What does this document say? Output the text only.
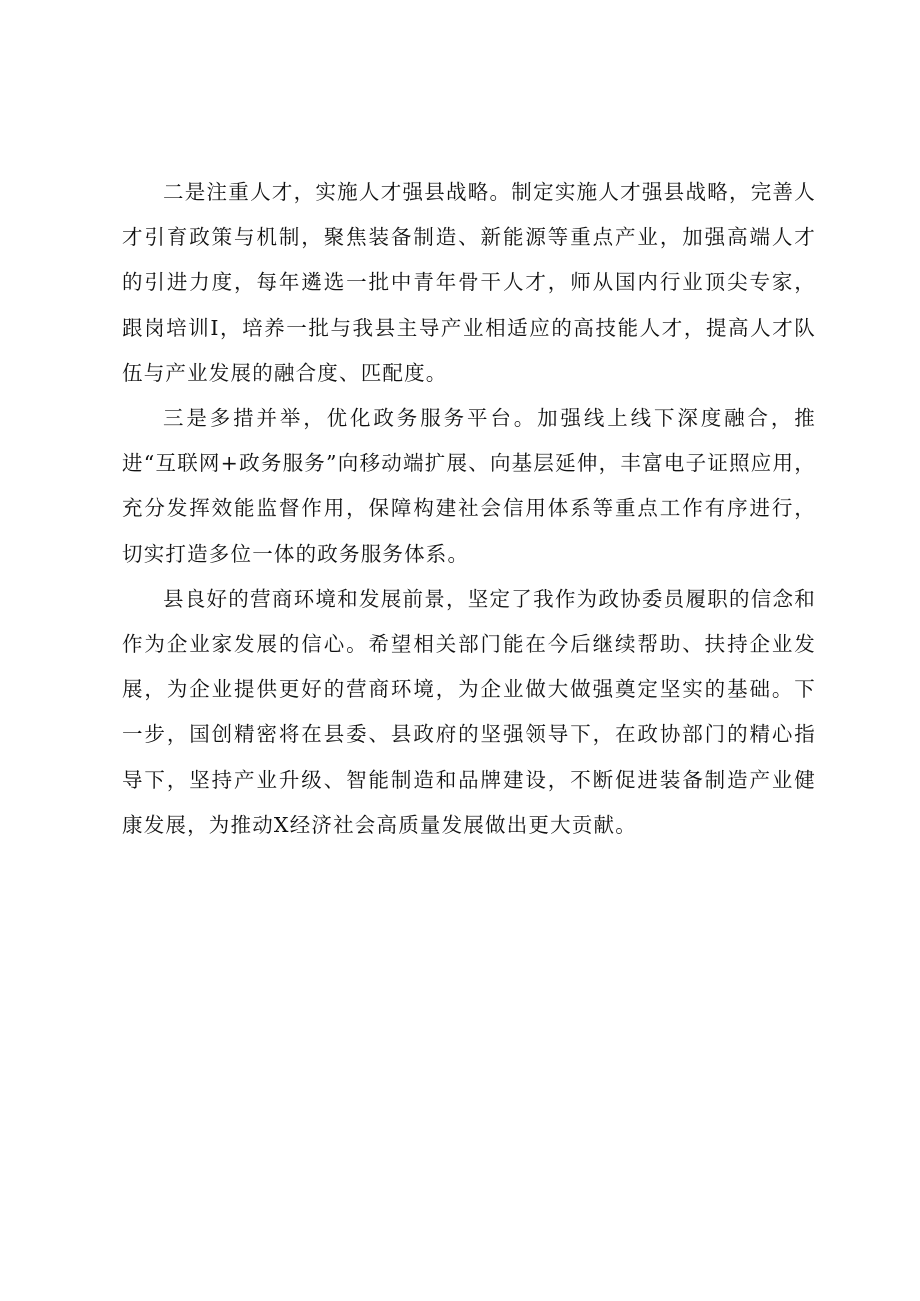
二是注重人才，实施人才强县战略。制定实施人才强县战略，完善人才引育政策与机制，聚焦装备制造、新能源等重点产业，加强高端人才的引进力度，每年遴选一批中青年骨干人才，师从国内行业顶尖专家，跟岗培训I，培养一批与我县主导产业相适应的高技能人才，提高人才队伍与产业发展的融合度、匹配度。

三是多措并举，优化政务服务平台。加强线上线下深度融合，推进“互联网+政务服务”向移动端扩展、向基层延伸，丰富电子证照应用，充分发挥效能监督作用，保障构建社会信用体系等重点工作有序进行，切实打造多位一体的政务服务体系。

县良好的营商环境和发展前景，坚定了我作为政协委员履职的信念和作为企业家发展的信心。希望相关部门能在今后继续帮助、扶持企业发展，为企业提供更好的营商环境，为企业做大做强奠定坚实的基础。下一步，国创精密将在县委、县政府的坚强领导下，在政协部门的精心指导下，坚持产业升级、智能制造和品牌建设，不断促进装备制造产业健康发展，为推动X经济社会高质量发展做出更大贡献。
